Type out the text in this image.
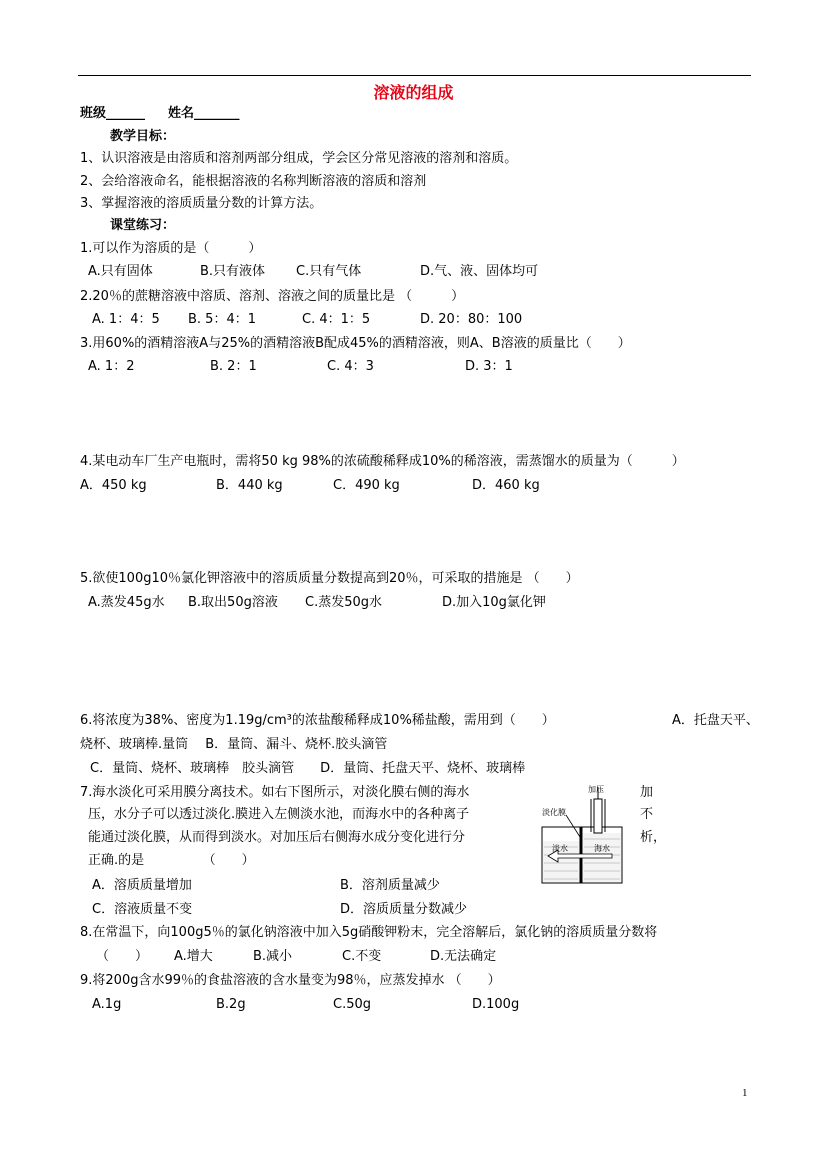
溶液的组成
班级______ 姓名_______
教学目标：
1、认识溶液是由溶质和溶剂两部分组成，学会区分常见溶液的溶剂和溶质。
2、会给溶液命名，能根据溶液的名称判断溶液的溶质和溶剂
3、掌握溶液的溶质质量分数的计算方法。
课堂练习：
1.可以作为溶质的是（　　　）
A.只有固体	B.只有液体 C.只有气体	D.气、液、固体均可
2.20％的蔗糖溶液中溶质、溶剂、溶液之间的质量比是 （　　　）
A. 1：4：5 B. 5：4：1	C. 4：1：5	D. 20：80：100
3.用60%的酒精溶液A与25%的酒精溶液B配成45%的酒精溶液，则A、B溶液的质量比（　　）
A. 1：2	B. 2：1	C. 4：3	D. 3：1
4.某电动车厂生产电瓶时，需将50 kg 98%的浓硫酸稀释成10%的稀溶液，需蒸馏水的质量为（　　　）
A．450 kg	B．440 kg	C．490 kg	D．460 kg
5.欲使100g10％氯化钾溶液中的溶质质量分数提高到20％，可采取的措施是 （　　）
A.蒸发45g水 B.取出50g溶液 C.蒸发50g水	D.加入10g氯化钾
6.将浓度为38%、密度为1.19g/cm³的浓盐酸稀释成10%稀盐酸，需用到（　　）	A．托盘天平、
烧杯、玻璃棒.量筒　 B．量筒、漏斗、烧杯.胶头滴管
C．量筒、烧杯、玻璃棒　胶头滴管　　D．量筒、托盘天平、烧杯、玻璃棒
7.海水淡化可采用膜分离技术。如右下图所示，对淡化膜右侧的海水
压，水分子可以透过淡化.膜进入左侧淡水池，而海水中的各种离子
能通过淡化膜，从而得到淡水。对加压后右侧海水成分变化进行分
正确.的是　　　　　（　　）
加
不
析，
加压
淡化膜
淡水	海水
A．溶质质量增加	B．溶剂质量减少
C．溶液质量不变	D．溶质质量分数减少
8.在常温下，向100g5％的氯化钠溶液中加入5g硝酸钾粉末，完全溶解后，氯化钠的溶质质量分数将
（　　） A.增大	B.减小	C.不变	D.无法确定
9.将200g含水99％的食盐溶液的含水量变为98％，应蒸发掉水 （　　）
A.1g	B.2g	C.50g	D.100g
1
